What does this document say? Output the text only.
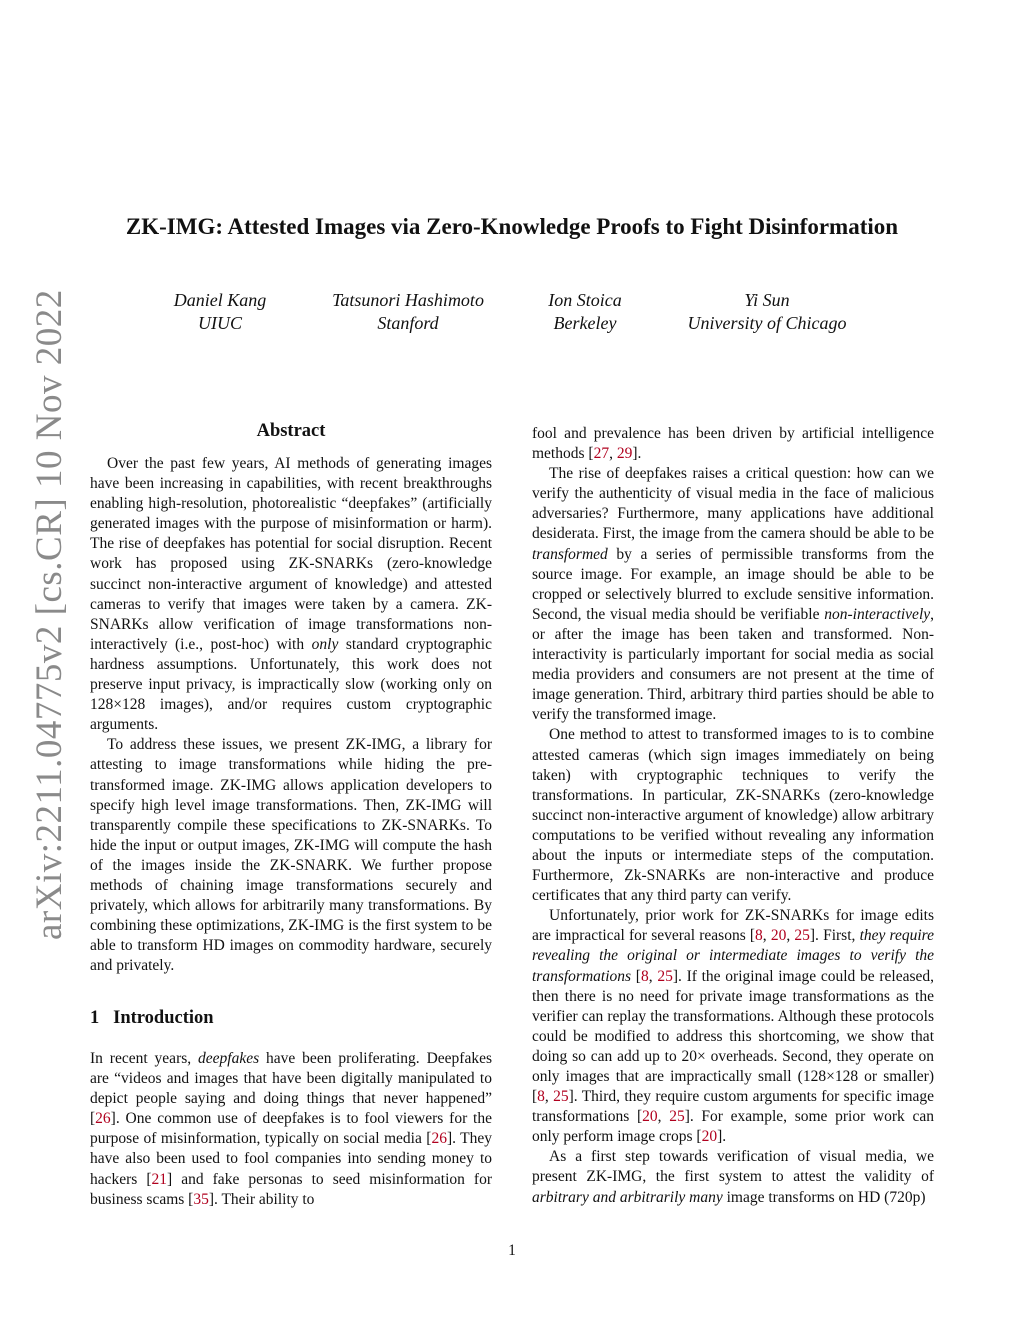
arXiv:2211.04775v2 [cs.CR] 10 Nov 2022
ZK-IMG: Attested Images via Zero-Knowledge Proofs to Fight Disinformation
Daniel Kang
UIUC
Tatsunori Hashimoto
Stanford
Ion Stoica
Berkeley
Yi Sun
University of Chicago
Abstract

Over the past few years, AI methods of generating images have been increasing in capabilities, with recent breakthroughs enabling high-resolution, photorealistic “deepfakes” (artificially generated images with the purpose of misinformation or harm). The rise of deepfakes has potential for social disruption. Recent work has proposed using ZK-SNARKs (zero-knowledge succinct non-interactive argument of knowledge) and attested cameras to verify that images were taken by a camera. ZK-SNARKs allow verification of image transformations non-interactively (i.e., post-hoc) with only standard cryptographic hardness assumptions. Unfortunately, this work does not preserve input privacy, is impractically slow (working only on 128×128 images), and/or requires custom cryptographic arguments.

To address these issues, we present ZK-IMG, a library for attesting to image transformations while hiding the pre-transformed image. ZK-IMG allows application developers to specify high level image transformations. Then, ZK-IMG will transparently compile these specifications to ZK-SNARKs. To hide the input or output images, ZK-IMG will compute the hash of the images inside the ZK-SNARK. We further propose methods of chaining image transformations securely and privately, which allows for arbitrarily many transformations. By combining these optimizations, ZK-IMG is the first system to be able to transform HD images on commodity hardware, securely and privately.

1   Introduction

In recent years, deepfakes have been proliferating. Deepfakes are “videos and images that have been digitally manipulated to depict people saying and doing things that never happened” [26]. One common use of deepfakes is to fool viewers for the purpose of misinformation, typically on social media [26]. They have also been used to fool companies into sending money to hackers [21] and fake personas to seed misinformation for business scams [35]. Their ability to

fool and prevalence has been driven by artificial intelligence methods [27, 29].

The rise of deepfakes raises a critical question: how can we verify the authenticity of visual media in the face of malicious adversaries? Furthermore, many applications have additional desiderata. First, the image from the camera should be able to be transformed by a series of permissible transforms from the source image. For example, an image should be able to be cropped or selectively blurred to exclude sensitive information. Second, the visual media should be verifiable non-interactively, or after the image has been taken and transformed. Non-interactivity is particularly important for social media as social media providers and consumers are not present at the time of image generation. Third, arbitrary third parties should be able to verify the transformed image.

One method to attest to transformed images to is to combine attested cameras (which sign images immediately on being taken) with cryptographic techniques to verify the transformations. In particular, ZK-SNARKs (zero-knowledge succinct non-interactive argument of knowledge) allow arbitrary computations to be verified without revealing any information about the inputs or intermediate steps of the computation. Furthermore, Zk-SNARKs are non-interactive and produce certificates that any third party can verify.

Unfortunately, prior work for ZK-SNARKs for image edits are impractical for several reasons [8, 20, 25]. First, they require revealing the original or intermediate images to verify the transformations [8, 25]. If the original image could be released, then there is no need for private image transformations as the verifier can replay the transformations. Although these protocols could be modified to address this shortcoming, we show that doing so can add up to 20× overheads. Second, they operate on only images that are impractically small (128×128 or smaller) [8, 25]. Third, they require custom arguments for specific image transformations [20, 25]. For example, some prior work can only perform image crops [20].

As a first step towards verification of visual media, we present ZK-IMG, the first system to attest the validity of arbitrary and arbitrarily many image transforms on HD (720p)

1
